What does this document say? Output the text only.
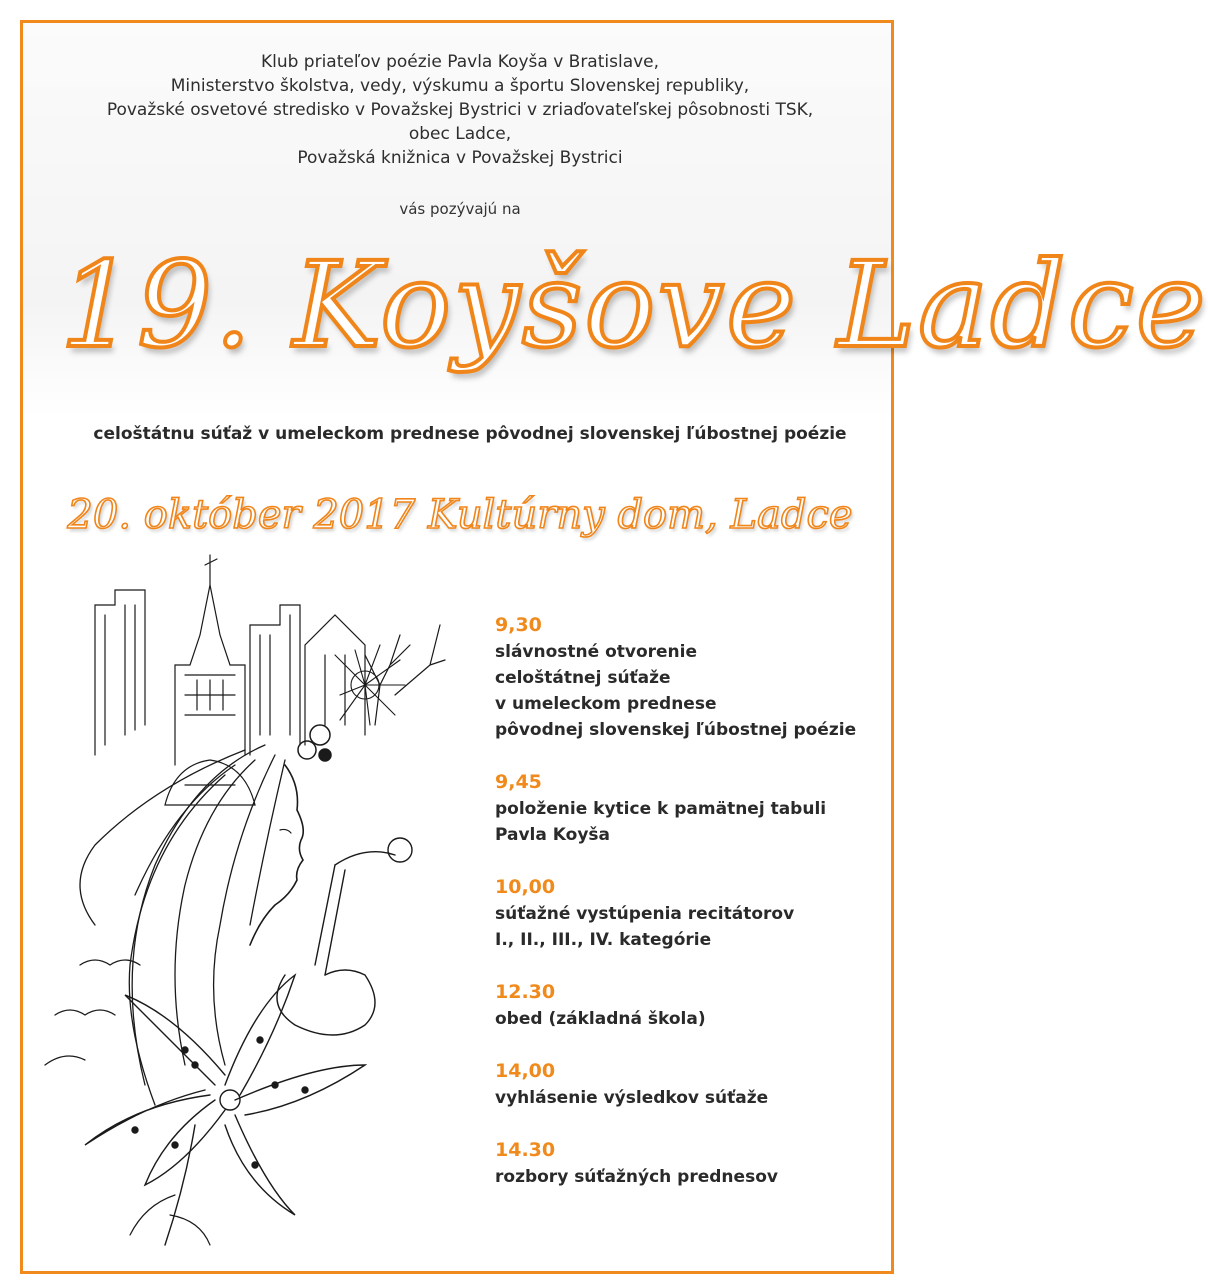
Klub priateľov poézie Pavla Koyša v Bratislave,
Ministerstvo školstva, vedy, výskumu a športu Slovenskej republiky,
Považské osvetové stredisko v Považskej Bystrici v zriaďovateľskej pôsobnosti TSK,
obec Ladce,
Považská knižnica v Považskej Bystrici
vás pozývajú na
19. Koyšove Ladce
celoštátnu súťaž v umeleckom prednese pôvodnej slovenskej ľúbostnej poézie
20. október 2017 Kultúrny dom, Ladce
9,30
slávnostné otvorenie
celoštátnej súťaže
v umeleckom prednese
pôvodnej slovenskej ľúbostnej poézie
9,45
položenie kytice k pamätnej tabuli
Pavla Koyša
10,00
súťažné vystúpenia recitátorov
I., II., III., IV. kategórie
12.30
obed (základná škola)
14,00
vyhlásenie výsledkov súťaže
14.30
rozbory súťažných prednesov
